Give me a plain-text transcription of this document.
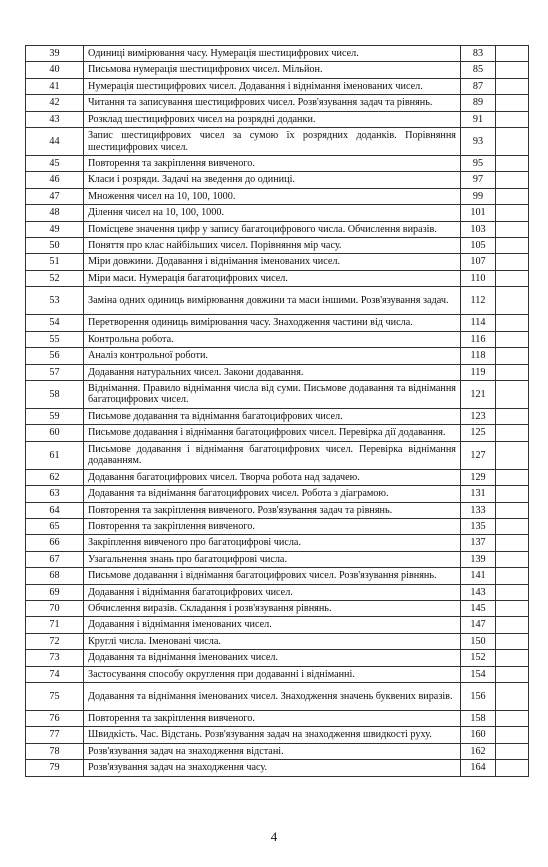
39	Одиниці вимірювання часу. Нумерація шестицифрових чисел.	83	
40	Письмова нумерація шестицифрових чисел. Мільйон.	85	
41	Нумерація шестицифрових чисел. Додавання і віднімання іменованих чисел.	87	
42	Читання та записування шестицифрових чисел. Розв'язування задач та рівнянь.	89	
43	Розклад шестицифрових чисел на розрядні доданки.	91	
44	Запис шестицифрових чисел за сумою їх розрядних доданків. Порівняння шестицифрових чисел.	93	
45	Повторення та закріплення вивченого.	95	
46	Класи і розряди. Задачі на зведення до одиниці.	97	
47	Множення чисел на 10, 100, 1000.	99	
48	Ділення чисел на 10, 100, 1000.	101	
49	Помісцеве значення цифр у запису багатоцифрового числа. Обчислення виразів.	103	
50	Поняття про клас найбільших чисел. Порівняння мір часу.	105	
51	Міри довжини. Додавання і віднімання іменованих чисел.	107	
52	Міри маси. Нумерація багатоцифрових чисел.	110	
53	Заміна одних одиниць вимірювання довжини та маси іншими. Розв'язування задач.	112	
54	Перетворення одиниць вимірювання часу. Знаходження частини від числа.	114	
55	Контрольна робота.	116	
56	Аналіз контрольної роботи.	118	
57	Додавання натуральних чисел. Закони додавання.	119	
58	Віднімання. Правило віднімання числа від суми. Письмове додавання та віднімання багатоцифрових чисел.	121	
59	Письмове додавання та віднімання багатоцифрових чисел.	123	
60	Письмове додавання і віднімання багатоцифрових чисел. Перевірка дії додавання.	125	
61	Письмове додавання і віднімання багатоцифрових чисел. Перевірка віднімання додаванням.	127	
62	Додавання багатоцифрових чисел. Творча робота над задачею.	129	
63	Додавання та віднімання багатоцифрових чисел. Робота з діаграмою.	131	
64	Повторення та закріплення вивченого. Розв'язування задач та рівнянь.	133	
65	Повторення та закріплення вивченого.	135	
66	Закріплення вивченого про багатоцифрові числа.	137	
67	Узагальнення знань про багатоцифрові числа.	139	
68	Письмове додавання і віднімання багатоцифрових чисел. Розв'язування рівнянь.	141	
69	Додавання і віднімання багатоцифрових чисел.	143	
70	Обчислення виразів. Складання і розв'язування рівнянь.	145	
71	Додавання і віднімання іменованих чисел.	147	
72	Круглі числа. Іменовані числа.	150	
73	Додавання та віднімання іменованих чисел.	152	
74	Застосування способу округлення при додаванні і відніманні.	154	
75	Додавання та віднімання іменованих чисел. Знаходження значень буквених виразів.	156	
76	Повторення та закріплення вивченого.	158	
77	Швидкість. Час. Відстань. Розв'язування задач на знаходження швидкості руху.	160	
78	Розв'язування задач на знаходження відстані.	162	
79	Розв'язування задач на знаходження часу.	164	
4
